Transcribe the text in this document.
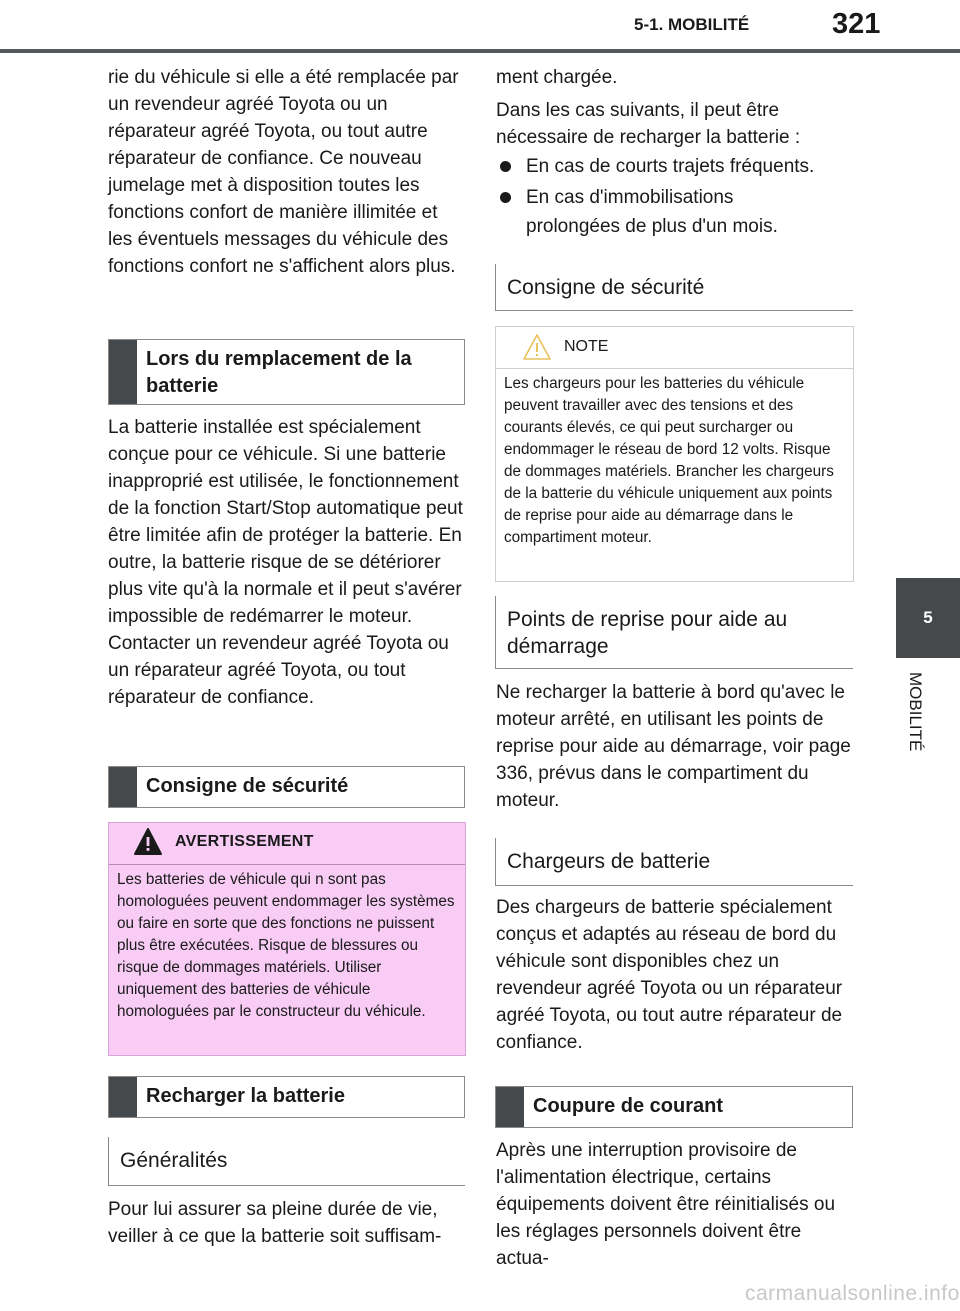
5-1. MOBILITÉ	321
5
MOBILITÉ

rie du véhicule si elle a été remplacée par un revendeur agréé Toyota ou un réparateur agréé Toyota, ou tout autre réparateur de confiance. Ce nouveau jumelage met à disposition toutes les fonctions confort de manière illimitée et les éventuels messages du véhicule des fonctions confort ne s'affichent alors plus.

Lors du remplacement de la batterie

La batterie installée est spécialement conçue pour ce véhicule. Si une batterie inapproprié est utilisée, le fonctionnement de la fonction Start/Stop automatique peut être limitée afin de protéger la batterie. En outre, la batterie risque de se détériorer plus vite qu'à la normale et il peut s'avérer impossible de redémarrer le moteur. Contacter un revendeur agréé Toyota ou un réparateur agréé Toyota, ou tout réparateur de confiance.

Consigne de sécurité
AVERTISSEMENT

Les batteries de véhicule qui n sont pas homologuées peuvent endommager les systèmes ou faire en sorte que des fonctions ne puissent plus être exécutées. Risque de blessures ou risque de dommages matériels. Utiliser uniquement des batteries de véhicule homologuées par le constructeur du véhicule.

Recharger la batterie
Généralités

Pour lui assurer sa pleine durée de vie, veiller à ce que la batterie soit suffisam-

ment chargée.

Dans les cas suivants, il peut être nécessaire de recharger la batterie :

En cas de courts trajets fréquents.
En cas d'immobilisations prolongées de plus d'un mois.
Consigne de sécurité
NOTE

Les chargeurs pour les batteries du véhicule peuvent travailler avec des tensions et des courants élevés, ce qui peut surcharger ou endommager le réseau de bord 12 volts. Risque de dommages matériels. Brancher les chargeurs de la batterie du véhicule uniquement aux points de reprise pour aide au démarrage dans le compartiment moteur.

Points de reprise pour aide au démarrage

Ne recharger la batterie à bord qu'avec le moteur arrêté, en utilisant les points de reprise pour aide au démarrage, voir page 336, prévus dans le compartiment du moteur.

Chargeurs de batterie

Des chargeurs de batterie spécialement conçus et adaptés au réseau de bord du véhicule sont disponibles chez un revendeur agréé Toyota ou un réparateur agréé Toyota, ou tout autre réparateur de confiance.

Coupure de courant

Après une interruption provisoire de l'alimentation électrique, certains équipements doivent être réinitialisés ou les réglages personnels doivent être actua-

carmanualsonline.info
